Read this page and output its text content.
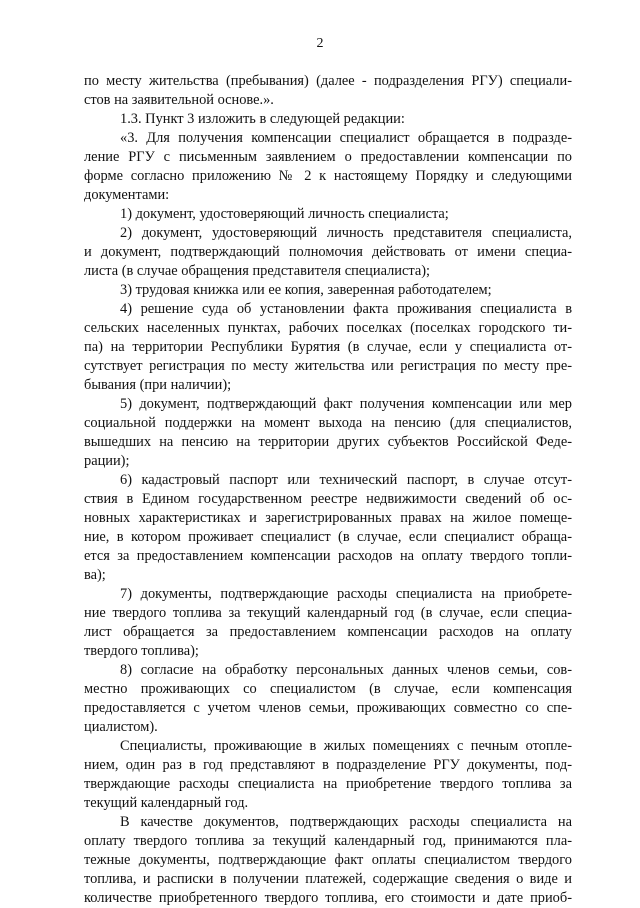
2

по месту жительства (пребывания) (далее - подразделения РГУ) специали-
стов на заявительной основе.».

1.3. Пункт 3 изложить в следующей редакции:

«3. Для получения компенсации специалист обращается в подразде-
ление РГУ с письменным заявлением о предоставлении компенсации по
форме согласно приложению № 2 к настоящему Порядку и следующими
документами:

1) документ, удостоверяющий личность специалиста;

2) документ, удостоверяющий личность представителя специалиста,
и документ, подтверждающий полномочия действовать от имени специа-
листа (в случае обращения представителя специалиста);

3) трудовая книжка или ее копия, заверенная работодателем;

4) решение суда об установлении факта проживания специалиста в
сельских населенных пунктах, рабочих поселках (поселках городского ти-
па) на территории Республики Бурятия (в случае, если у специалиста от-
сутствует регистрация по месту жительства или регистрация по месту пре-
бывания (при наличии);

5) документ, подтверждающий факт получения компенсации или мер
социальной поддержки на момент выхода на пенсию (для специалистов,
вышедших на пенсию на территории других субъектов Российской Феде-
рации);

6) кадастровый паспорт или технический паспорт, в случае отсут-
ствия в Едином государственном реестре недвижимости сведений об ос-
новных характеристиках и зарегистрированных правах на жилое помеще-
ние, в котором проживает специалист (в случае, если специалист обраща-
ется за предоставлением компенсации расходов на оплату твердого топли-
ва);

7) документы, подтверждающие расходы специалиста на приобрете-
ние твердого топлива за текущий календарный год (в случае, если специа-
лист обращается за предоставлением компенсации расходов на оплату
твердого топлива);

8) согласие на обработку персональных данных членов семьи, сов-
местно проживающих со специалистом (в случае, если компенсация
предоставляется с учетом членов семьи, проживающих совместно со спе-
циалистом).

Специалисты, проживающие в жилых помещениях с печным отопле-
нием, один раз в год представляют в подразделение РГУ документы, под-
тверждающие расходы специалиста на приобретение твердого топлива за
текущий календарный год.

В качестве документов, подтверждающих расходы специалиста на
оплату твердого топлива за текущий календарный год, принимаются пла-
тежные документы, подтверждающие факт оплаты специалистом твердого
топлива, и расписки в получении платежей, содержащие сведения о виде и
количестве приобретенного твердого топлива, его стоимости и дате приоб-
